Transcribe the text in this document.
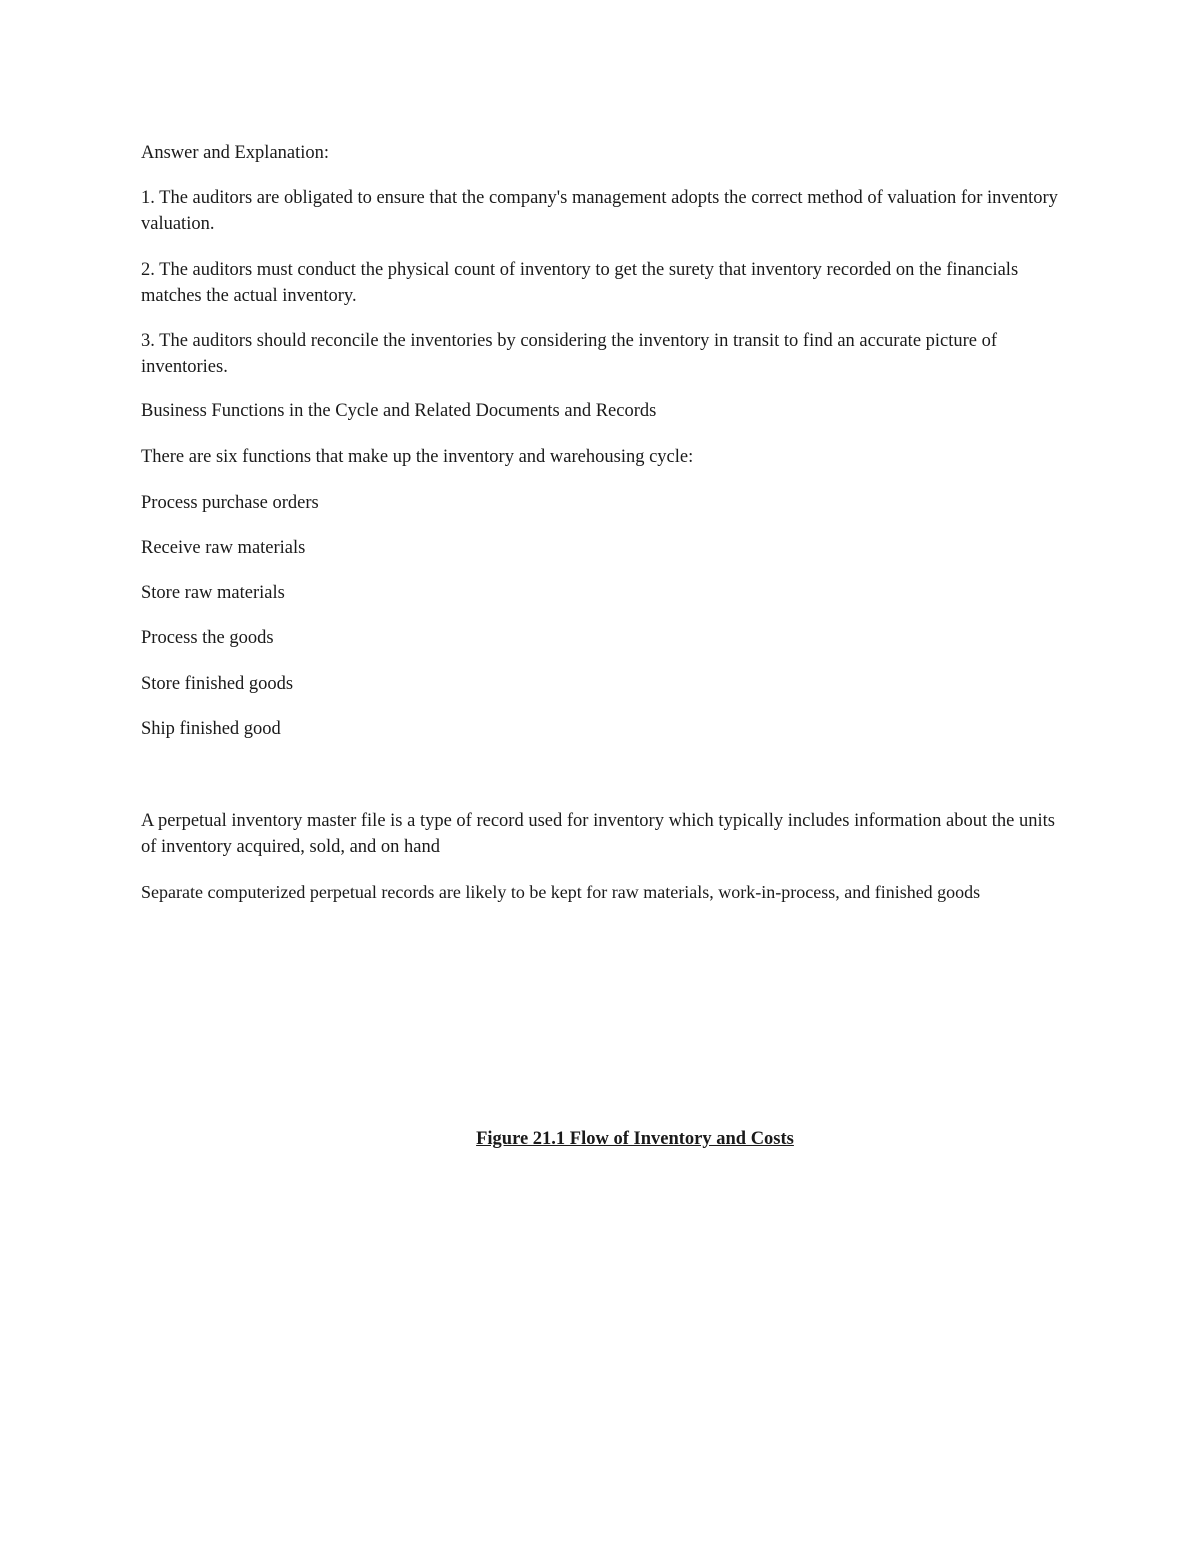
Answer and Explanation:

1. The auditors are obligated to ensure that the company's management adopts the correct method of valuation for inventory valuation.

2. The auditors must conduct the physical count of inventory to get the surety that inventory recorded on the financials matches the actual inventory.

3. The auditors should reconcile the inventories by considering the inventory in transit to find an accurate picture of inventories.

Business Functions in the Cycle and Related Documents and Records

There are six functions that make up the inventory and warehousing cycle:

Process purchase orders

Receive raw materials

Store raw materials

Process the goods

Store finished goods

Ship finished good

A perpetual inventory master file is a type of record used for inventory which typically includes information about the units of inventory acquired, sold, and on hand

Separate computerized perpetual records are likely to be kept for raw materials, work-in-process, and finished goods

Figure 21.1 Flow of Inventory and Costs
